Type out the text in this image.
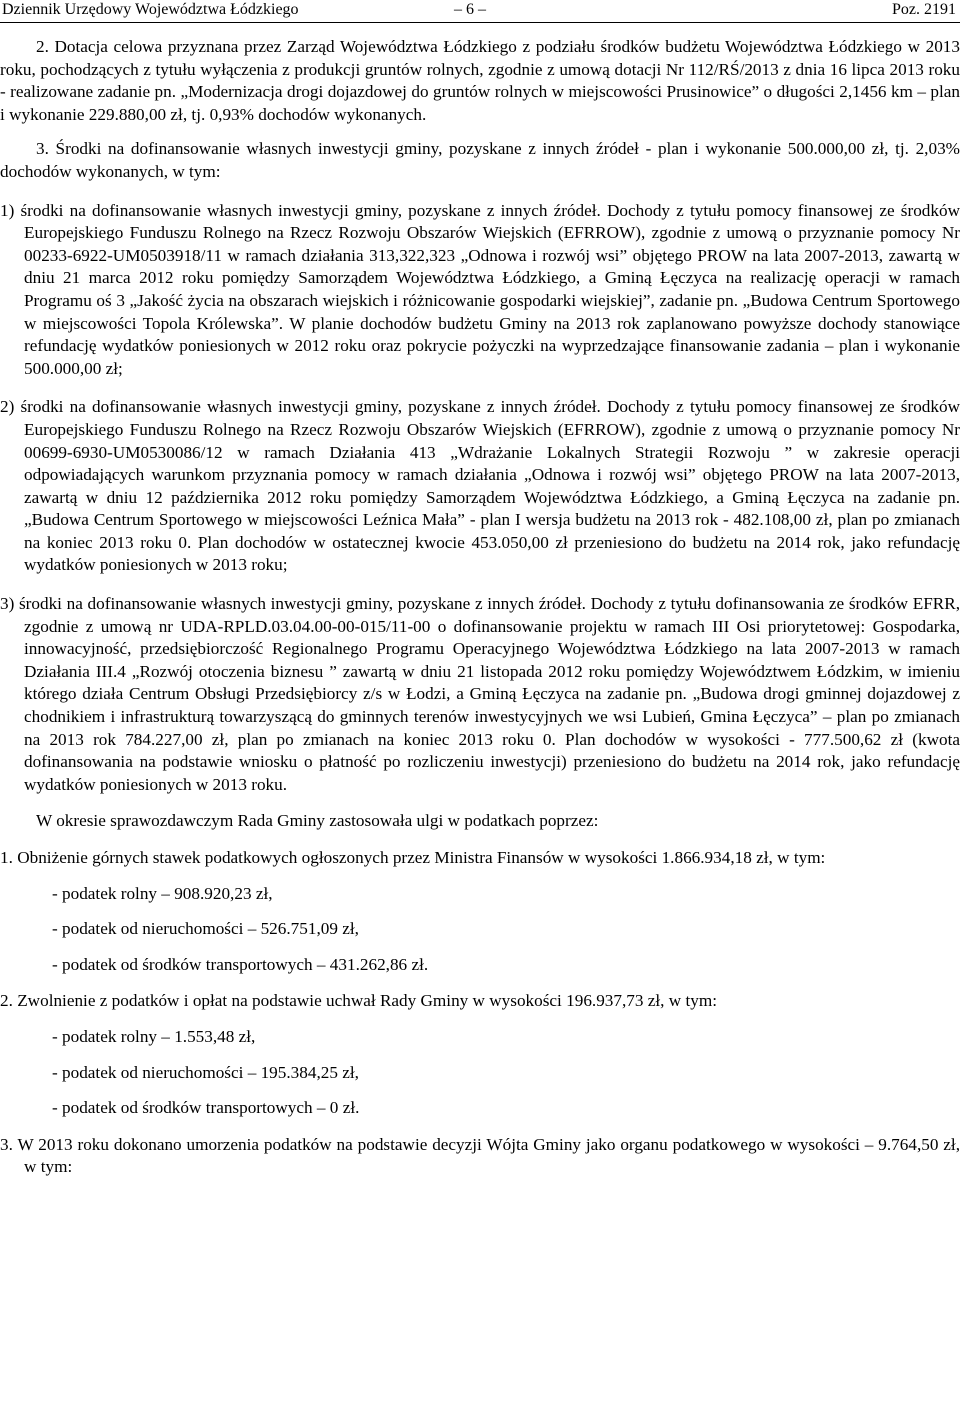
Dziennik Urzędowy Województwa Łódzkiego	– 6 –	Poz. 2191

2. Dotacja celowa przyznana przez Zarząd Województwa Łódzkiego z podziału środków budżetu Województwa Łódzkiego w 2013 roku, pochodzących z tytułu wyłączenia z produkcji gruntów rolnych, zgodnie z umową dotacji Nr 112/RŚ/2013 z dnia 16 lipca 2013 roku - realizowane zadanie pn. „Modernizacja drogi dojazdowej do gruntów rolnych w miejscowości Prusinowice” o długości 2,1456 km – plan i wykonanie 229.880,00 zł, tj. 0,93% dochodów wykonanych.

3. Środki na dofinansowanie własnych inwestycji gminy, pozyskane z innych źródeł - plan i wykonanie 500.000,00 zł, tj. 2,03% dochodów wykonanych, w tym:

1) środki na dofinansowanie własnych inwestycji gminy, pozyskane z innych źródeł. Dochody z tytułu pomocy finansowej ze środków Europejskiego Funduszu Rolnego na Rzecz Rozwoju Obszarów Wiejskich (EFRROW), zgodnie z umową o przyznanie pomocy Nr 00233-6922-UM0503918/11 w ramach działania 313,322,323 „Odnowa i rozwój wsi” objętego PROW na lata 2007-2013, zawartą w dniu 21 marca 2012 roku pomiędzy Samorządem Województwa Łódzkiego, a Gminą Łęczyca na realizację operacji w ramach Programu oś 3 „Jakość życia na obszarach wiejskich i różnicowanie gospodarki wiejskiej”, zadanie pn. „Budowa Centrum Sportowego w miejscowości Topola Królewska”. W planie dochodów budżetu Gminy na 2013 rok zaplanowano powyższe dochody stanowiące refundację wydatków poniesionych w 2012 roku oraz pokrycie pożyczki na wyprzedzające finansowanie zadania – plan i wykonanie 500.000,00 zł;

2) środki na dofinansowanie własnych inwestycji gminy, pozyskane z innych źródeł. Dochody z tytułu pomocy finansowej ze środków Europejskiego Funduszu Rolnego na Rzecz Rozwoju Obszarów Wiejskich (EFRROW), zgodnie z umową o przyznanie pomocy Nr 00699-6930-UM0530086/12 w ramach Działania 413 „Wdrażanie Lokalnych Strategii Rozwoju ” w zakresie operacji odpowiadających warunkom przyznania pomocy w ramach działania „Odnowa i rozwój wsi” objętego PROW na lata 2007-2013, zawartą w dniu 12 października 2012 roku pomiędzy Samorządem Województwa Łódzkiego, a Gminą Łęczyca na zadanie pn. „Budowa Centrum Sportowego w miejscowości Leźnica Mała” - plan I wersja budżetu na 2013 rok - 482.108,00 zł, plan po zmianach na koniec 2013 roku 0. Plan dochodów w ostatecznej kwocie 453.050,00 zł przeniesiono do budżetu na 2014 rok, jako refundację wydatków poniesionych w 2013 roku;

3) środki na dofinansowanie własnych inwestycji gminy, pozyskane z innych źródeł. Dochody z tytułu dofinansowania ze środków EFRR, zgodnie z umową nr UDA-RPLD.03.04.00-00-015/11-00 o dofinansowanie projektu w ramach III Osi priorytetowej: Gospodarka, innowacyjność, przedsiębiorczość Regionalnego Programu Operacyjnego Województwa Łódzkiego na lata 2007-2013 w ramach Działania III.4 „Rozwój otoczenia biznesu ” zawartą w dniu 21 listopada 2012 roku pomiędzy Województwem Łódzkim, w imieniu którego działa Centrum Obsługi Przedsiębiorcy z/s w Łodzi, a Gminą Łęczyca na zadanie pn. „Budowa drogi gminnej dojazdowej z chodnikiem i infrastrukturą towarzyszącą do gminnych terenów inwestycyjnych we wsi Lubień, Gmina Łęczyca” – plan po zmianach na 2013 rok 784.227,00 zł, plan po zmianach na koniec 2013 roku 0. Plan dochodów w wysokości - 777.500,62 zł (kwota dofinansowania na podstawie wniosku o płatność po rozliczeniu inwestycji) przeniesiono do budżetu na 2014 rok, jako refundację wydatków poniesionych w 2013 roku.

W okresie sprawozdawczym Rada Gminy zastosowała ulgi w podatkach poprzez:

1. Obniżenie górnych stawek podatkowych ogłoszonych przez Ministra Finansów w wysokości 1.866.934,18 zł, w tym:

- podatek rolny – 908.920,23 zł,

- podatek od nieruchomości – 526.751,09 zł,

- podatek od środków transportowych – 431.262,86 zł.

2. Zwolnienie z podatków i opłat na podstawie uchwał Rady Gminy w wysokości 196.937,73 zł, w tym:

- podatek rolny – 1.553,48 zł,

- podatek od nieruchomości – 195.384,25 zł,

- podatek od środków transportowych – 0 zł.

3. W 2013 roku dokonano umorzenia podatków na podstawie decyzji Wójta Gminy jako organu podatkowego w wysokości – 9.764,50 zł, w tym:
